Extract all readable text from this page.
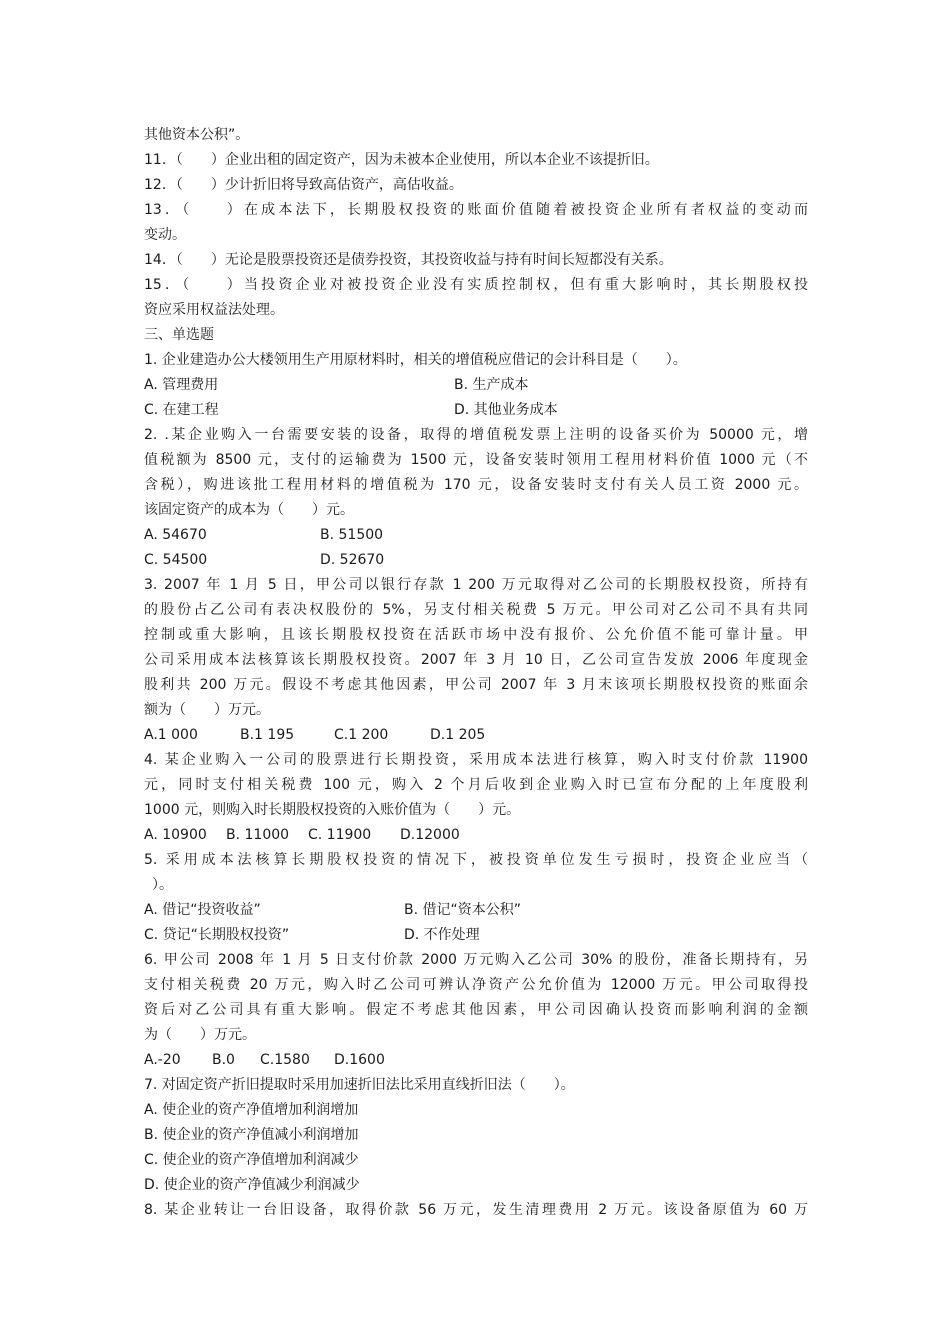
其他资本公积”。
11．（　　）企业出租的固定资产，因为未被本企业使用，所以本企业不该提折旧。
12．（　　）少计折旧将导致高估资产，高估收益。
13．（　　）在成本法下，长期股权投资的账面价值随着被投资企业所有者权益的变动而
变动。
14．（　　）无论是股票投资还是债券投资，其投资收益与持有时间长短都没有关系。
15．（　　）当投资企业对被投资企业没有实质控制权，但有重大影响时，其长期股权投
资应采用权益法处理。
三、单选题
1. 企业建造办公大楼领用生产用原材料时，相关的增值税应借记的会计科目是（　　）。
A. 管理费用	B. 生产成本
C. 在建工程	D. 其他业务成本
2. .某企业购入一台需要安装的设备，取得的增值税发票上注明的设备买价为 50000 元，增
值税额为 8500 元，支付的运输费为 1500 元，设备安装时领用工程用材料价值 1000 元（不
含税），购进该批工程用材料的增值税为 170 元，设备安装时支付有关人员工资 2000 元。
该固定资产的成本为（　　）元。
A. 54670	B. 51500
C. 54500	D. 52670
3. 2007 年 1 月 5 日，甲公司以银行存款 1 200 万元取得对乙公司的长期股权投资，所持有
的股份占乙公司有表决权股份的 5%，另支付相关税费 5 万元。甲公司对乙公司不具有共同
控制或重大影响，且该长期股权投资在活跃市场中没有报价、公允价值不能可靠计量。甲
公司采用成本法核算该长期股权投资。2007 年 3 月 10 日，乙公司宣告发放 2006 年度现金
股利共 200 万元。假设不考虑其他因素，甲公司 2007 年 3 月末该项长期股权投资的账面余
额为（　　）万元。
A.1 000	B.1 195	C.1 200	D.1 205
4. 某企业购入一公司的股票进行长期投资，采用成本法进行核算，购入时支付价款 11900
元，同时支付相关税费 100 元，购入 2 个月后收到企业购入时已宣布分配的上年度股利
1000 元，则购入时长期股权投资的入账价值为（　　）元。
A. 10900	B. 11000	C. 11900	D.12000
5. 采用成本法核算长期股权投资的情况下，被投资单位发生亏损时，投资企业应当（
）。
A. 借记“投资收益”	B. 借记“资本公积”
C. 贷记“长期股权投资”	D. 不作处理
6. 甲公司 2008 年 1 月 5 日支付价款 2000 万元购入乙公司 30% 的股份，准备长期持有，另
支付相关税费 20 万元，购入时乙公司可辨认净资产公允价值为 12000 万元。甲公司取得投
资后对乙公司具有重大影响。假定不考虑其他因素，甲公司因确认投资而影响利润的金额
为（　　）万元。
A.-20	B.0	C.1580	D.1600
7. 对固定资产折旧提取时采用加速折旧法比采用直线折旧法（　　）。
A. 使企业的资产净值增加利润增加
B. 使企业的资产净值减小利润增加
C. 使企业的资产净值增加利润减少
D. 使企业的资产净值减少利润减少
8. 某企业转让一台旧设备，取得价款 56 万元，发生清理费用 2 万元。该设备原值为 60 万
